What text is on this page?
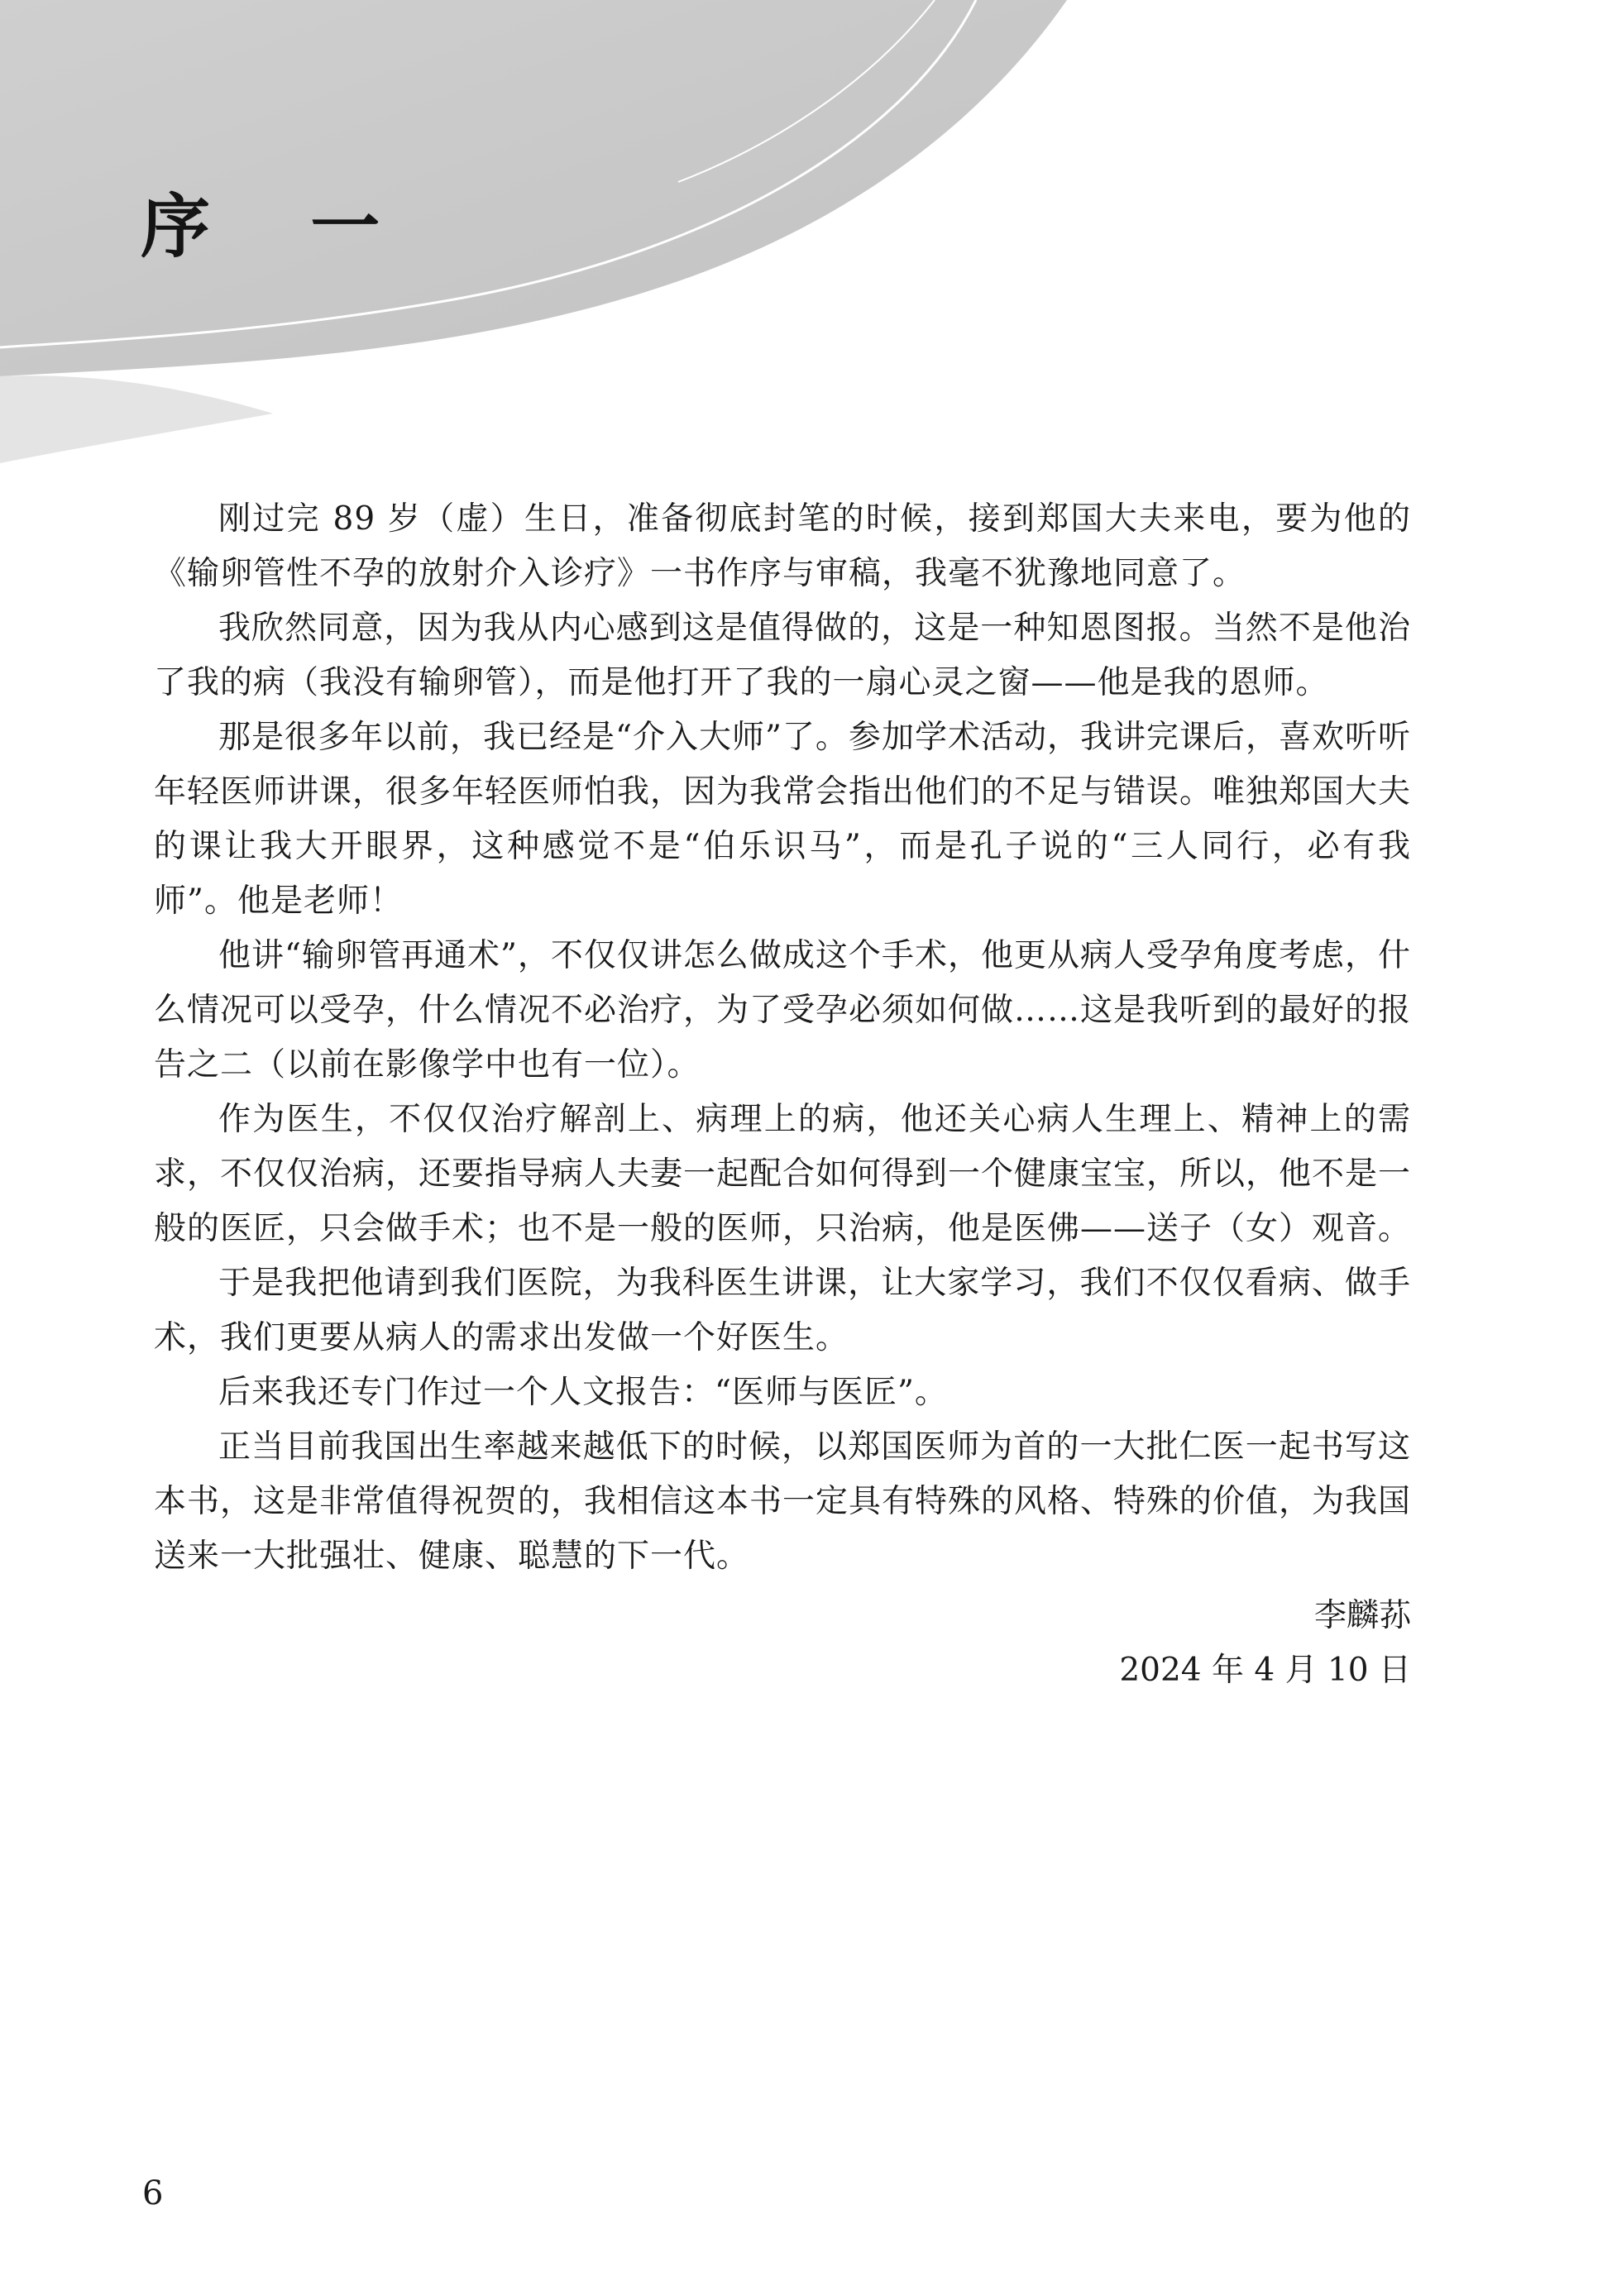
序 一

刚过完 89 岁（虚）生日，准备彻底封笔的时候，接到郑国大夫来电，要为他的《输卵管性不孕的放射介入诊疗》一书作序与审稿，我毫不犹豫地同意了。

我欣然同意，因为我从内心感到这是值得做的，这是一种知恩图报。当然不是他治了我的病（我没有输卵管），而是他打开了我的一扇心灵之窗——他是我的恩师。

那是很多年以前，我已经是“介入大师”了。参加学术活动，我讲完课后，喜欢听听年轻医师讲课，很多年轻医师怕我，因为我常会指出他们的不足与错误。唯独郑国大夫的课让我大开眼界，这种感觉不是“伯乐识马”，而是孔子说的“三人同行，必有我师”。他是老师！

他讲“输卵管再通术”，不仅仅讲怎么做成这个手术，他更从病人受孕角度考虑，什么情况可以受孕，什么情况不必治疗，为了受孕必须如何做……这是我听到的最好的报告之二（以前在影像学中也有一位）。

作为医生，不仅仅治疗解剖上、病理上的病，他还关心病人生理上、精神上的需求，不仅仅治病，还要指导病人夫妻一起配合如何得到一个健康宝宝，所以，他不是一般的医匠，只会做手术；也不是一般的医师，只治病，他是医佛——送子（女）观音。

于是我把他请到我们医院，为我科医生讲课，让大家学习，我们不仅仅看病、做手术，我们更要从病人的需求出发做一个好医生。

后来我还专门作过一个人文报告：“医师与医匠”。

正当目前我国出生率越来越低下的时候，以郑国医师为首的一大批仁医一起书写这本书，这是非常值得祝贺的，我相信这本书一定具有特殊的风格、特殊的价值，为我国送来一大批强壮、健康、聪慧的下一代。

李麟荪

2024 年 4 月 10 日

6
